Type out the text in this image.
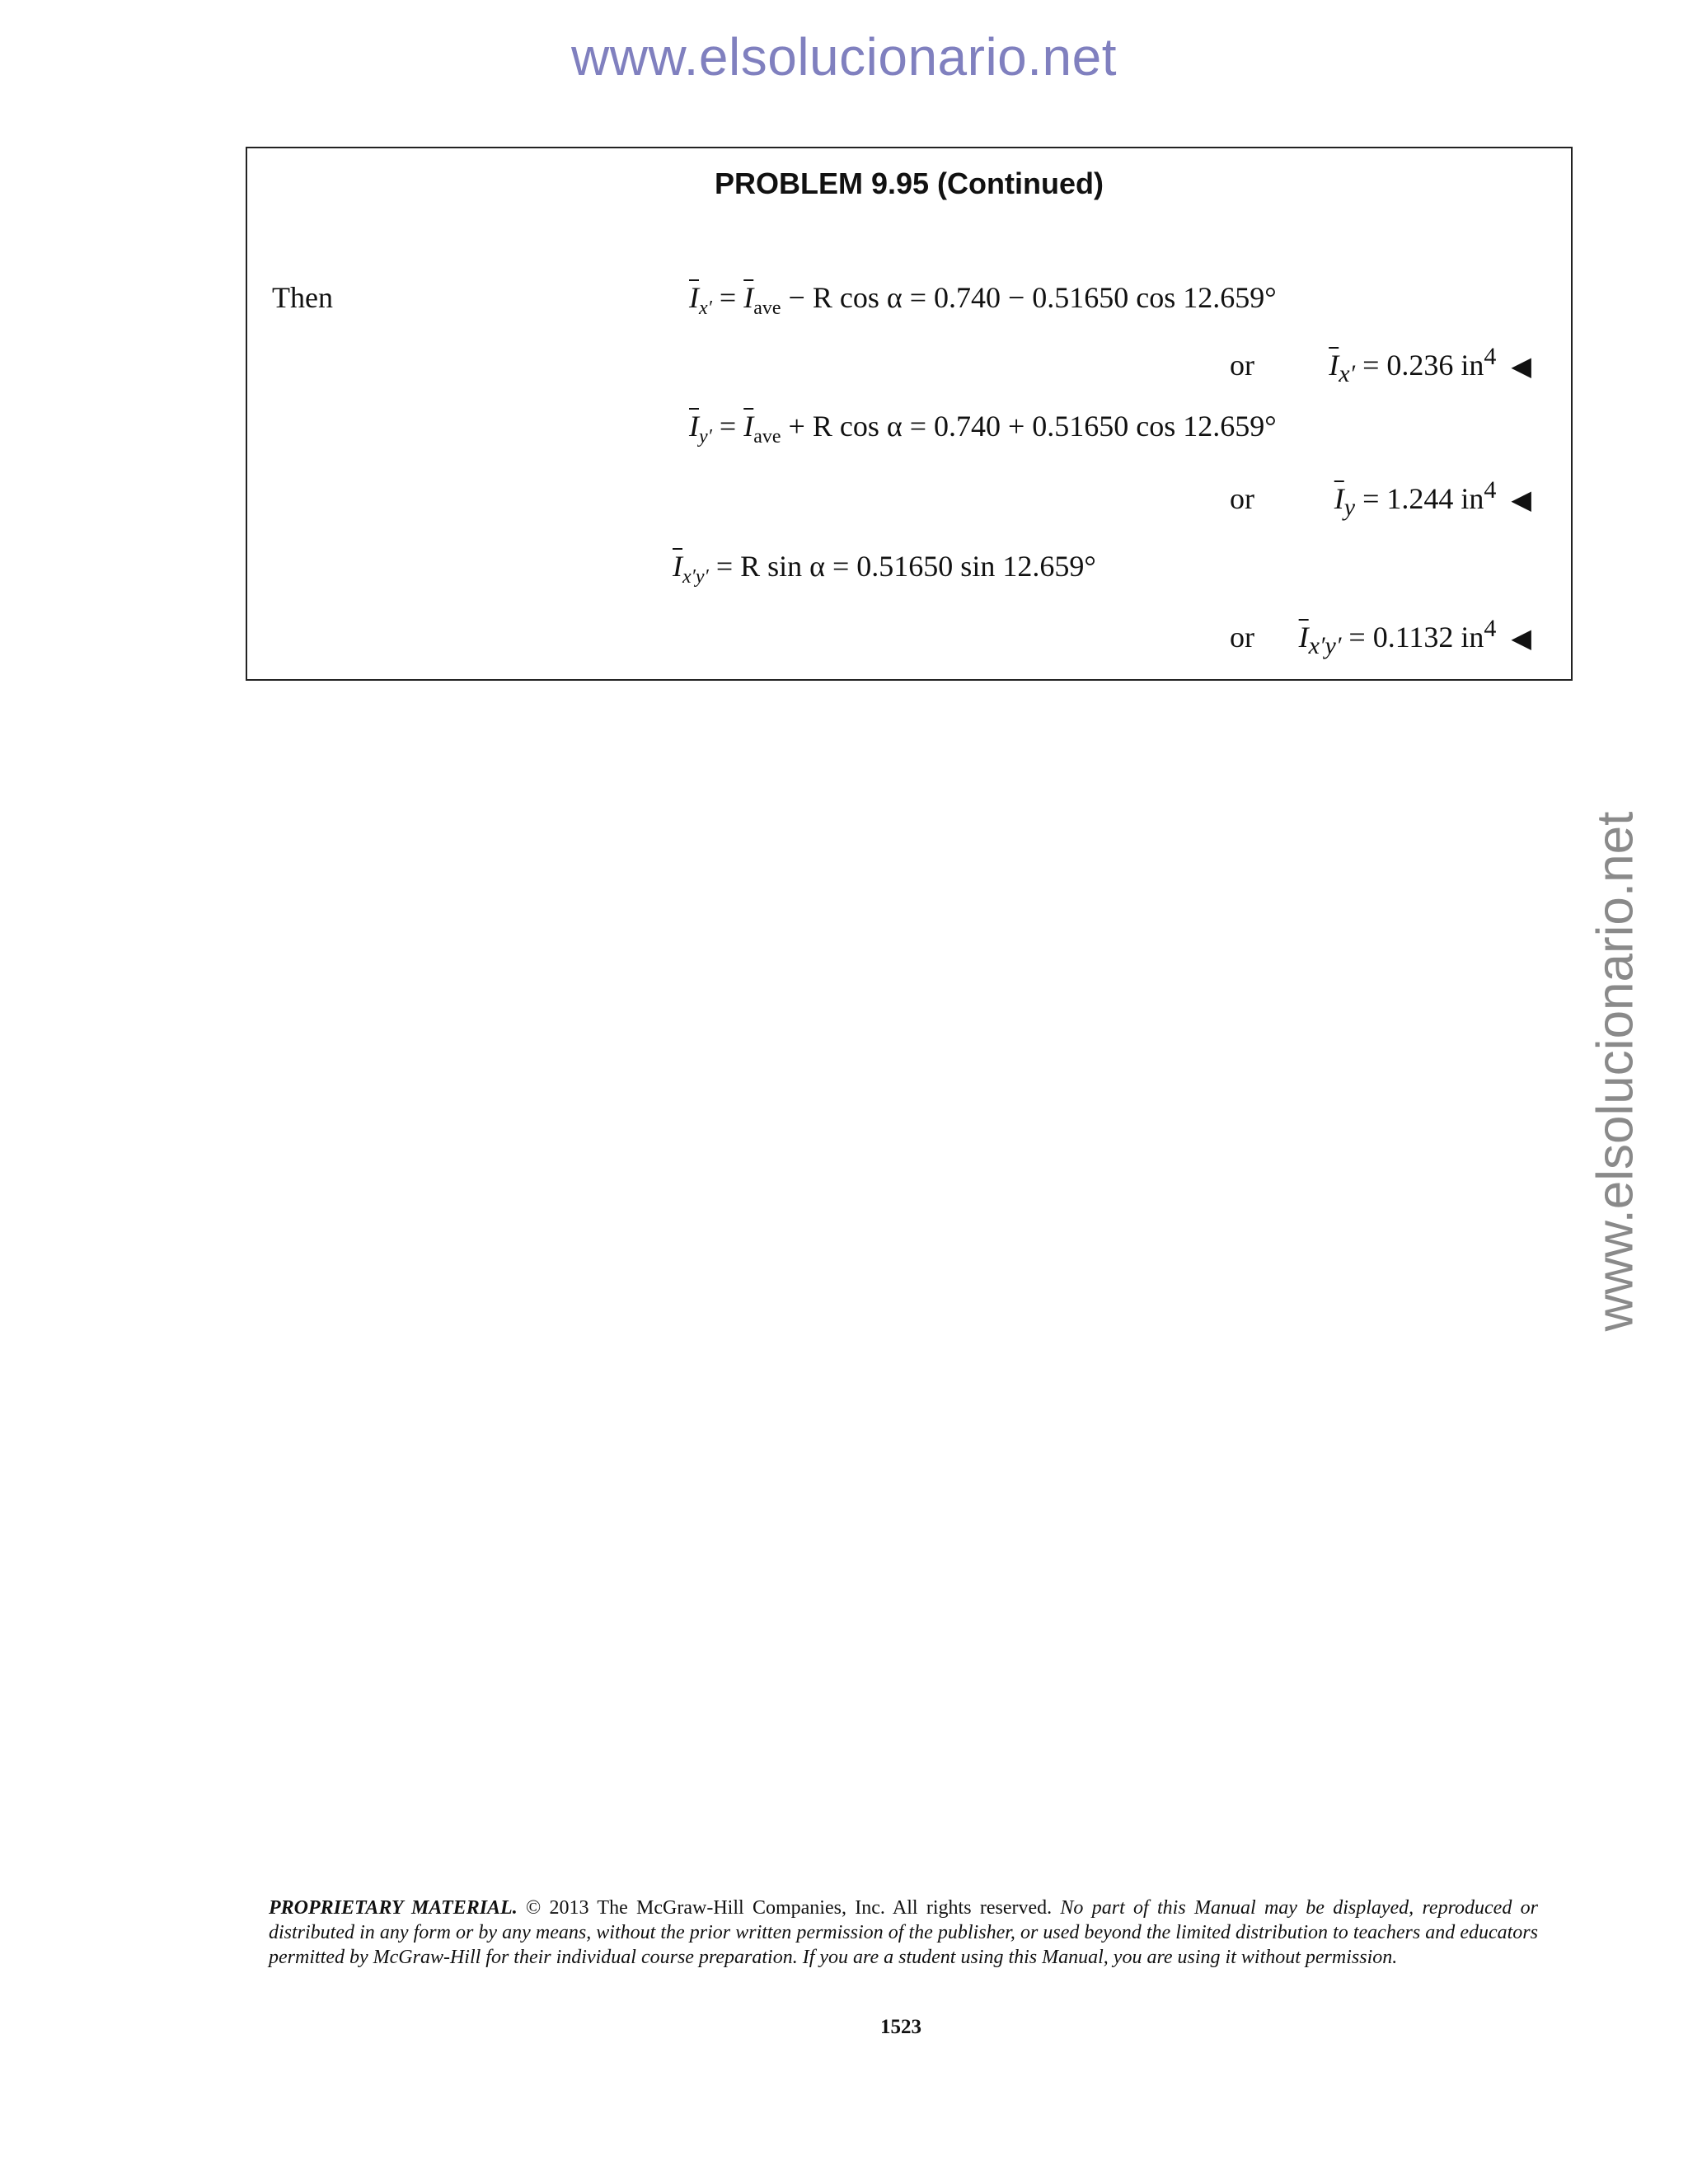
www.elsolucionario.net
www.elsolucionario.net
PROBLEM 9.95 (Continued)
Then	$\overline{I}_{x'} = \overline{I}_{ave} - R$ cos α = 0.740 − 0.51650 cos 12.659°
or	$\overline{I}_{x'} = 0.236$ $in^4$ ◀
$\overline{I}_{y'} = \overline{I}_{ave} + R$ cos α = 0.740 + 0.51650 cos 12.659°
or	$\overline{I}_y = 1.244$ $in^4$ ◀
$\overline{I}_{x'y'} = R$ sin α = 0.51650 sin 12.659°
or $\overline{I}_{x'y'} = 0.1132$ $in^4$ ◀
PROPRIETARY MATERIAL. © 2013 The McGraw-Hill Companies, Inc. All rights reserved. No part of this Manual may be displayed, reproduced or distributed in any form or by any means, without the prior written permission of the publisher, or used beyond the limited distribution to teachers and educators permitted by McGraw-Hill for their individual course preparation. If you are a student using this Manual, you are using it without permission.
1523
